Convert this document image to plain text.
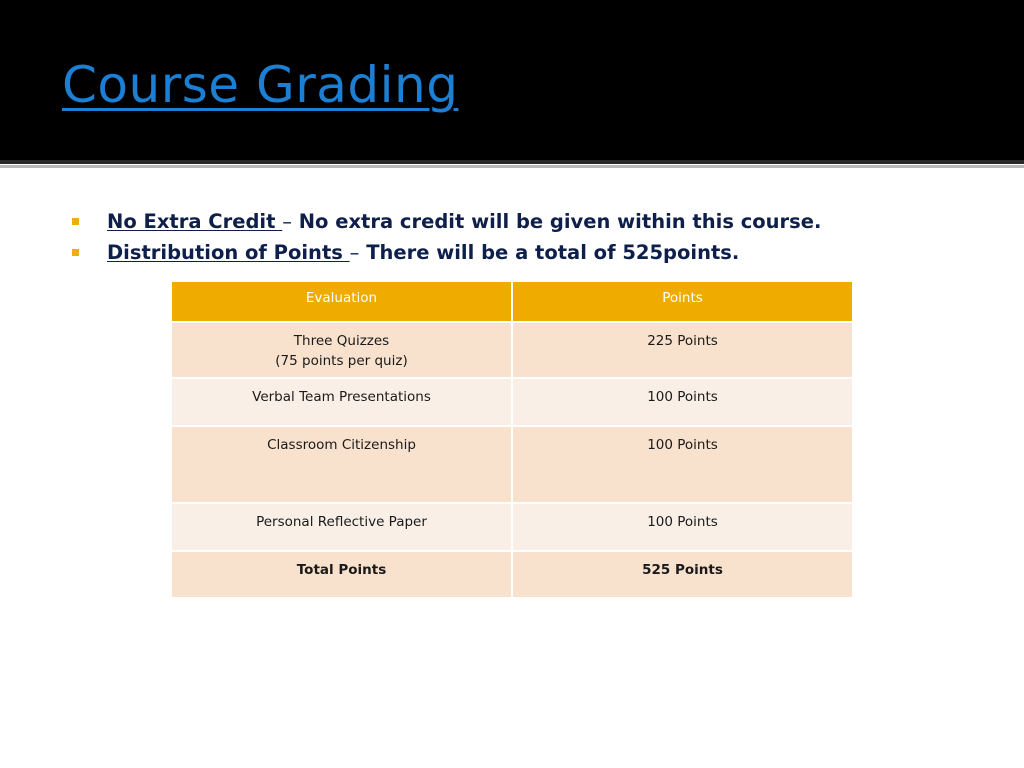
Course Grading
No Extra Credit – No extra credit will be given within this course.
Distribution of Points – There will be a total of 525points.
Evaluation	Points

Three Quizzes
(75 points per quiz)	225 Points
Verbal Team Presentations	100 Points
Classroom Citizenship	100 Points
Personal Reflective Paper	100 Points
Total Points	525 Points
